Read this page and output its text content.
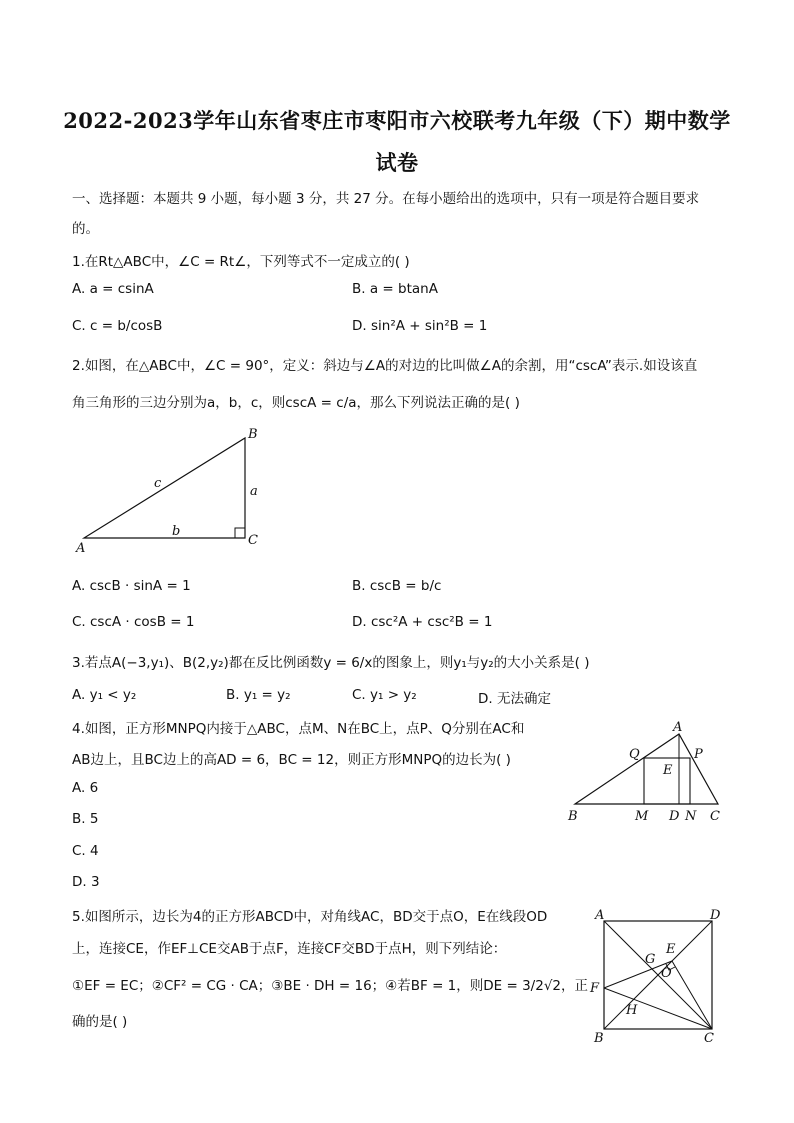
2022-2023学年山东省枣庄市枣阳市六校联考九年级（下）期中数学
试卷
一、选择题：本题共 9 小题，每小题 3 分，共 27 分。在每小题给出的选项中，只有一项是符合题目要求
的。
1.在Rt△ABC中，∠C = Rt∠，下列等式不一定成立的( )
A. a = csinA	B. a = btanA
C. c = b/cosB	D. sin²A + sin²B = 1
2.如图，在△ABC中，∠C = 90°，定义：斜边与∠A的对边的比叫做∠A的余割，用“cscA”表示.如设该直
角三角形的三边分别为a，b，c，则cscA = c/a，那么下列说法正确的是( )
A
B
C
a
b
c
A. cscB · sinA = 1	B. cscB = b/c
C. cscA · cosB = 1	D. csc²A + csc²B = 1
3.若点A(−3,y₁)、B(2,y₂)都在反比例函数y = 6/x的图象上，则y₁与y₂的大小关系是( )
A. y₁ < y₂	B. y₁ = y₂	C. y₁ > y₂	D. 无法确定
4.如图，正方形MNPQ内接于△ABC，点M、N在BC上，点P、Q分别在AC和
AB边上，且BC边上的高AD = 6，BC = 12，则正方形MNPQ的边长为( )
A. 6
B. 5
C. 4
D. 3
A
Q	P
E
B	M D N C
5.如图所示，边长为4的正方形ABCD中，对角线AC，BD交于点O，E在线段OD
上，连接CE，作EF⊥CE交AB于点F，连接CF交BD于点H，则下列结论：
①EF = EC；②CF² = CG · CA；③BE · DH = 16；④若BF = 1，则DE = 3/2√2，正
确的是( )
A	D
G
E
O
F
H
B	C
